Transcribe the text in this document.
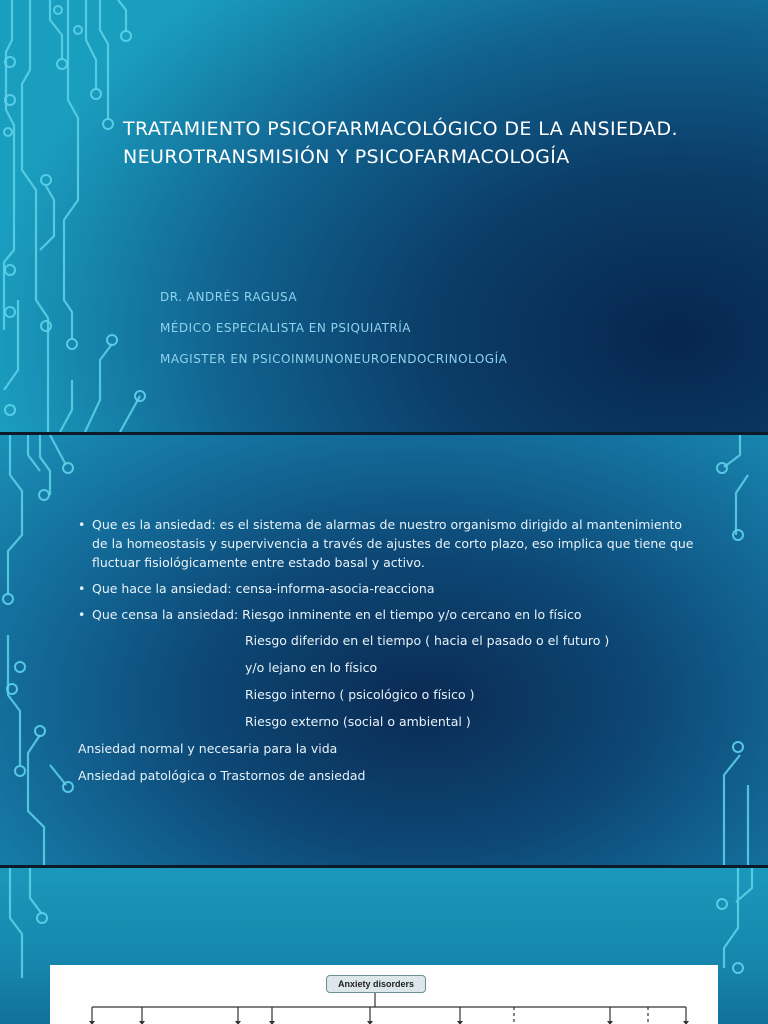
TRATAMIENTO PSICOFARMACOLÓGICO DE LA ANSIEDAD.
NEUROTRANSMISIÓN Y PSICOFARMACOLOGÍA
DR. ANDRÉS RAGUSA
MÉDICO ESPECIALISTA EN PSIQUIATRÍA
MAGISTER EN PSICOINMUNONEUROENDOCRINOLOGÍA
• Que es la ansiedad: es el sistema de alarmas de nuestro organismo dirigido al mantenimiento de la homeostasis y supervivencia a través de ajustes de corto plazo, eso implica que tiene que fluctuar fisiológicamente entre estado basal y activo.
• Que hace la ansiedad: censa-informa-asocia-reacciona
• Que censa la ansiedad: Riesgo inminente en el tiempo y/o cercano en lo físico
Riesgo diferido en el tiempo ( hacia el pasado o el futuro )
y/o lejano en lo físico
Riesgo interno ( psicológico o físico )
Riesgo externo (social o ambiental )
Ansiedad normal y necesaria para la vida
Ansiedad patológica o Trastornos de ansiedad
Anxiety disorders
